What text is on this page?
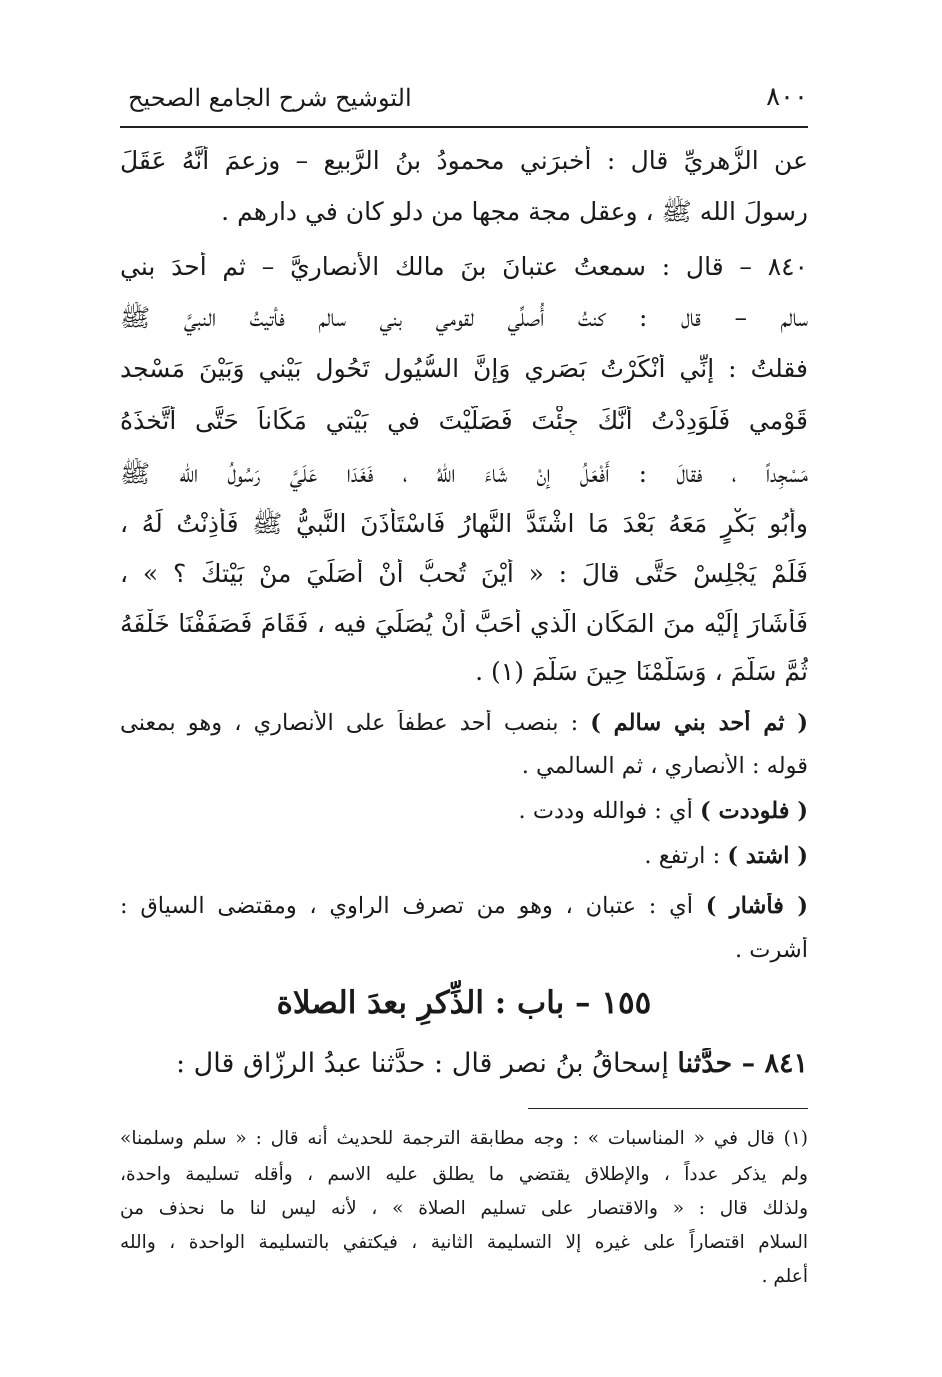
٨٠٠
التوشيح شرح الجامع الصحيح
عنِ الزُّهريِّ قال : أخبرَني محمودُ بنُ الرَّبيعِ – وزعمَ أنَّهُ عَقَلَ
رسولَ الله ﷺ ، وعقل مجة مجها من دلو كان في دارهم .
٨٤٠ – قال : سمعتُ عتبانَ بنَ مالك الأنصاريَّ – ثم أحدَ بني
سالم – قال : كنتُ أُصلِّي لقومي بني سالم فأتيتُ النبيَّ ﷺ
فقلتُ : إنِّي أَنْكَرْتُ بَصَري وَإِنَّ السُّيُول تَحُول بَيْني وَبَيْنَ مَسْجد
قَوْمي فَلَوَدِدْتُ أَنَّكَ جِئْتَ فَصَلَّيْتَ في بَيْتي مَكَاناً حَتَّى أَتَّخذَهُ
مَسْجِداً ، فقالَ : أَفْعَلُ إنْ شَاءَ اللهُ ، فَغَدَا عَلَيَّ رَسُولُ الله ﷺ
وأَبُو بَكْرٍ مَعَهُ بَعْدَ مَا اشْتَدَّ النَّهارُ فَاسْتَأْذَنَ النَّبيُّ ﷺ فَأَذِنْتُ لَهُ ،
فَلَمْ يَجْلِسْ حَتَّى قالَ : « أَيْنَ تُحبُّ أَنْ أُصَلِّيَ منْ بَيْتكَ ؟ » ،
فَأَشَارَ إِلَيْه منَ المَكَان الَّذي أَحَبَّ أَنْ يُصَلِّيَ فيه ، فَقَامَ فَصَفَفْنَا خَلْفَهُ
ثُمَّ سَلَّمَ ، وَسَلَّمْنَا حِينَ سَلَّمَ (١) .
( ثم أحد بني سالم ) : بنصب أحد عطفاً على الأنصاري ، وهو بمعنى
قوله : الأنصاري ، ثم السالمي .
( فلوددت ) أي : فوالله وددت .
( اشتد ) : ارتفع .
( فأشار ) أي : عتبان ، وهو من تصرف الراوي ، ومقتضى السياق :
أشرت .
١٥٥ – باب : الذِّكرِ بعدَ الصلاة
٨٤١ – حدَّثنا إسحاقُ بنُ نصرٍ قال : حدَّثنا عبدُ الرزّاقِ قال :
(١) قال في « المناسبات » : وجه مطابقة الترجمة للحديث أنه قال : « سلم وسلمنا»
ولم يذكر عدداً ، والإطلاق يقتضي ما يطلق عليه الاسم ، وأقله تسليمة واحدة،
ولذلك قال : « والاقتصار على تسليم الصلاة » ، لأنه ليس لنا ما نحذف من
السلام اقتصاراً على غيره إلا التسليمة الثانية ، فيكتفي بالتسليمة الواحدة ، والله
أعلم .
